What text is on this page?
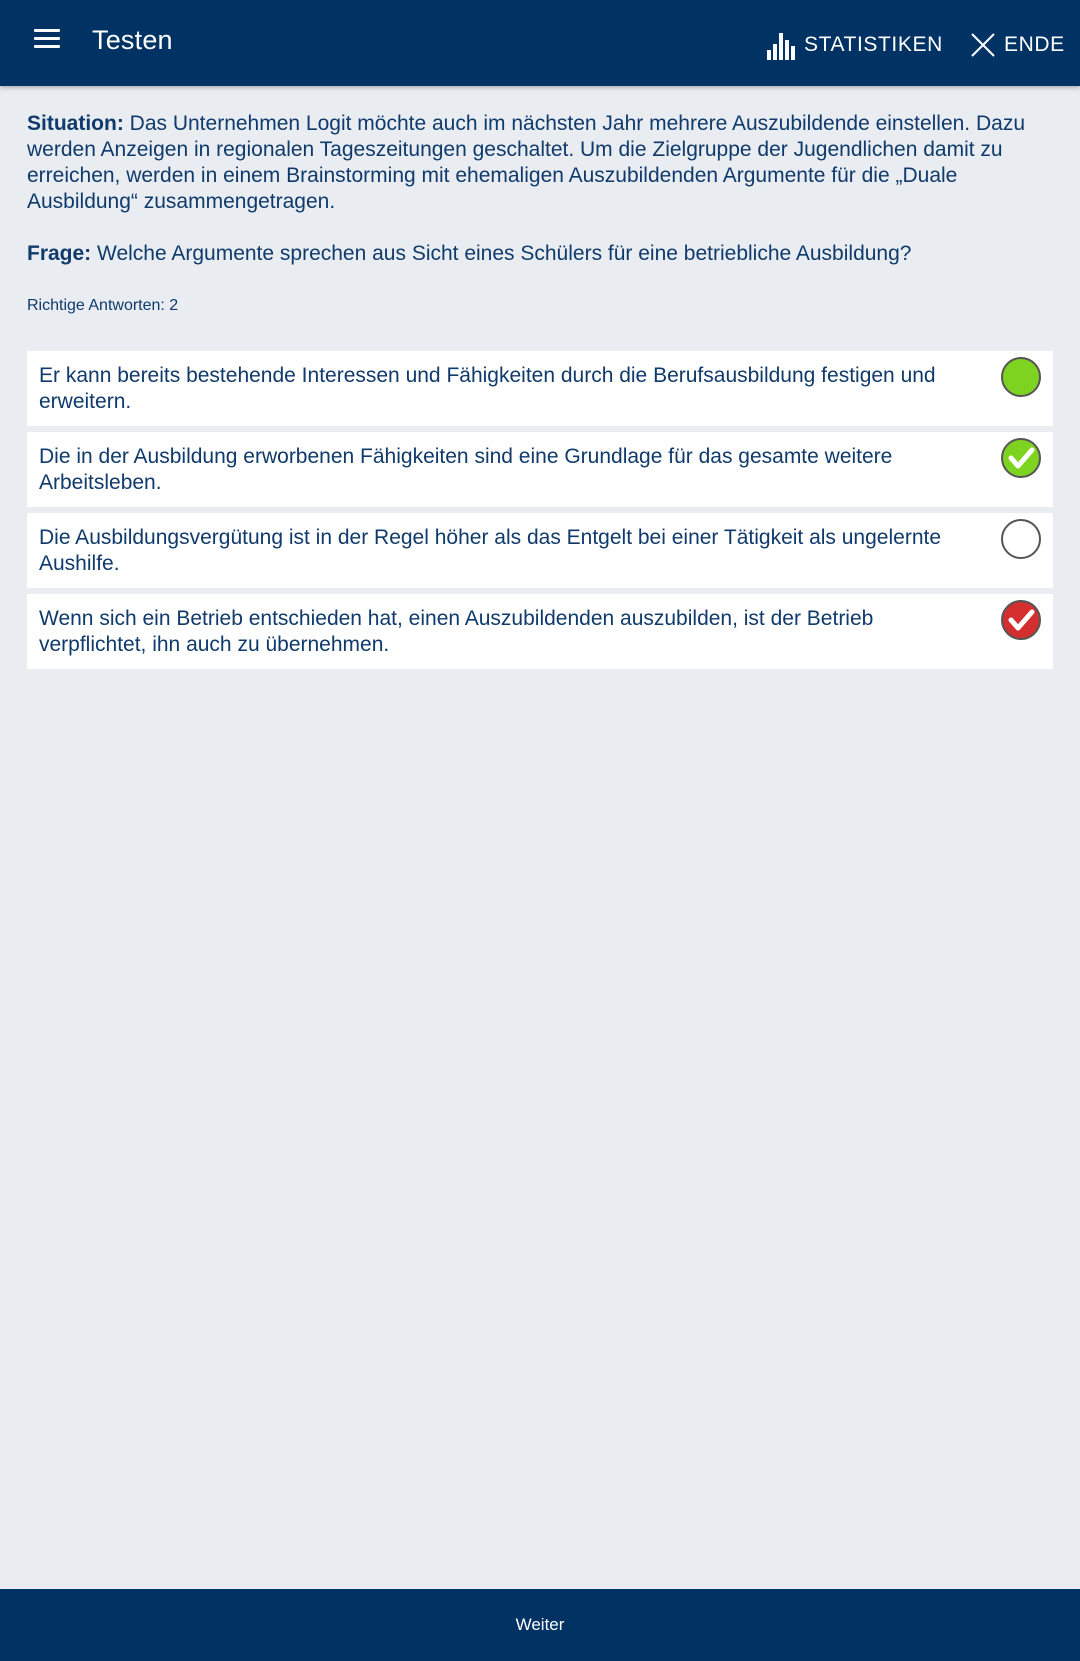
Testen	STATISTIKEN	ENDE

Situation: Das Unternehmen Logit möchte auch im nächsten Jahr mehrere Auszubildende einstellen. Dazu werden Anzeigen in regionalen Tageszeitungen geschaltet. Um die Zielgruppe der Jugendlichen damit zu erreichen, werden in einem Brainstorming mit ehemaligen Auszubildenden Argumente für die „Duale Ausbildung“ zusammengetragen.

Frage: Welche Argumente sprechen aus Sicht eines Schülers für eine betriebliche Ausbildung?

Richtige Antworten: 2
Er kann bereits bestehende Interessen und Fähigkeiten durch die Berufsausbildung festigen und erweitern.
Die in der Ausbildung erworbenen Fähigkeiten sind eine Grundlage für das gesamte weitere Arbeitsleben.
Die Ausbildungsvergütung ist in der Regel höher als das Entgelt bei einer Tätigkeit als ungelernte Aushilfe.
Wenn sich ein Betrieb entschieden hat, einen Auszubildenden auszubilden, ist der Betrieb verpflichtet, ihn auch zu übernehmen.
Weiter
